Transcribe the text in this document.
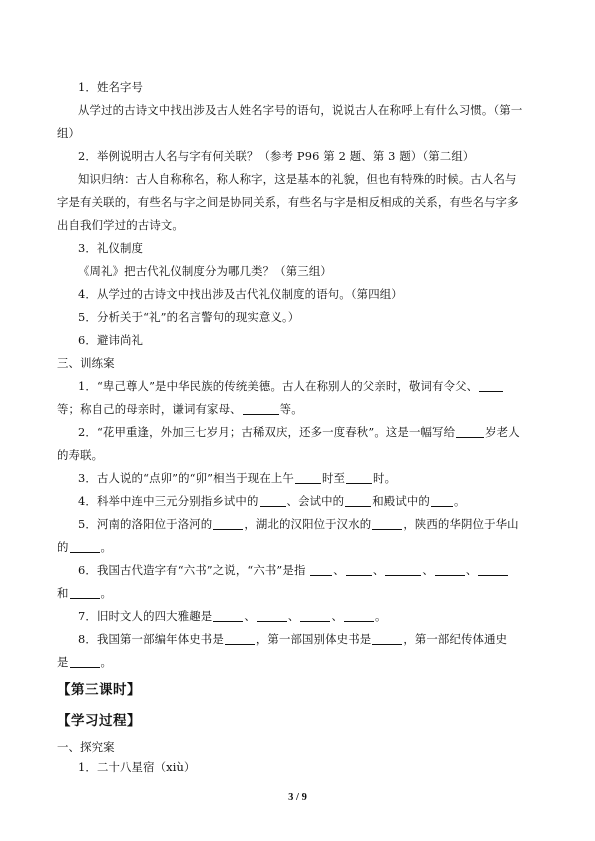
1．姓名字号
从学过的古诗文中找出涉及古人姓名字号的语句，说说古人在称呼上有什么习惯。（第一
组）
2．举例说明古人名与字有何关联？（参考 P96 第 2 题、第 3 题）（第二组）
知识归纳：古人自称称名，称人称字，这是基本的礼貌，但也有特殊的时候。古人名与
字是有关联的，有些名与字之间是协同关系，有些名与字是相反相成的关系，有些名与字多
出自我们学过的古诗文。
3．礼仪制度
《周礼》把古代礼仪制度分为哪几类？（第三组）
4．从学过的古诗文中找出涉及古代礼仪制度的语句。（第四组）
5．分析关于“礼”的名言警句的现实意义。）
6．避讳尚礼
三、训练案
1．“卑己尊人”是中华民族的传统美德。古人在称别人的父亲时，敬词有令父、
等；称自己的母亲时，谦词有家母、	等。
2．“花甲重逢，外加三七岁月；古稀双庆，还多一度春秋”。这是一幅写给	岁老人
的寿联。
3．古人说的“点卯”的“卯”相当于现在上午 时至 时。
4．科举中连中三元分别指乡试中的 、会试中的 和殿试中的 。
5．河南的洛阳位于洛河的	，湖北的汉阳位于汉水的	，陕西的华阴位于华山
的	。
6．我国古代造字有“六书”之说，“六书”是指 、 、	、	、
和	。
7．旧时文人的四大雅趣是	、	、	、	。
8．我国第一部编年体史书是	，第一部国别体史书是	，第一部纪传体通史
是	。
【第三课时】
【学习过程】
一、探究案
1．二十八星宿（xiù）
3 / 9
